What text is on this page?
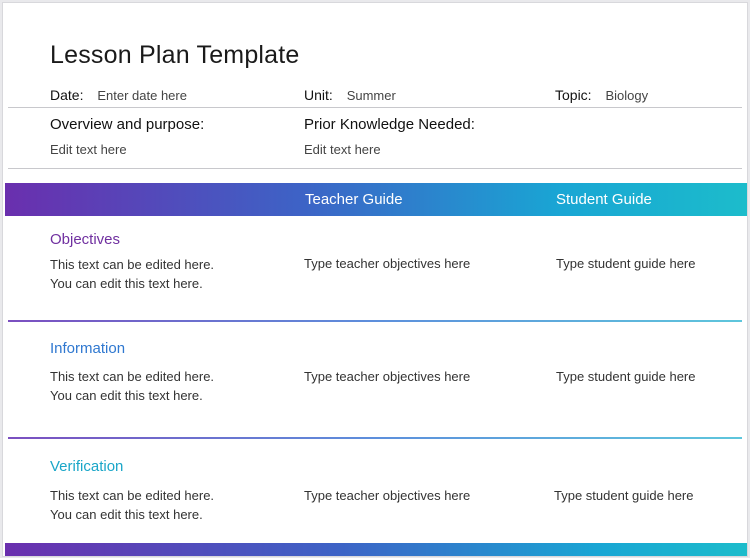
Lesson Plan Template
Date: Enter date here	Unit: Summer	Topic: Biology
Overview and purpose:
Edit text here
Prior Knowledge Needed:
Edit text here
Teacher Guide	Student Guide
Objectives
This text can be edited here.
You can edit this text here.
Type teacher objectives here	Type student guide here
Information
This text can be edited here.
You can edit this text here.
Type teacher objectives here	Type student guide here
Verification
This text can be edited here.
You can edit this text here.
Type teacher objectives here	Type student guide here
